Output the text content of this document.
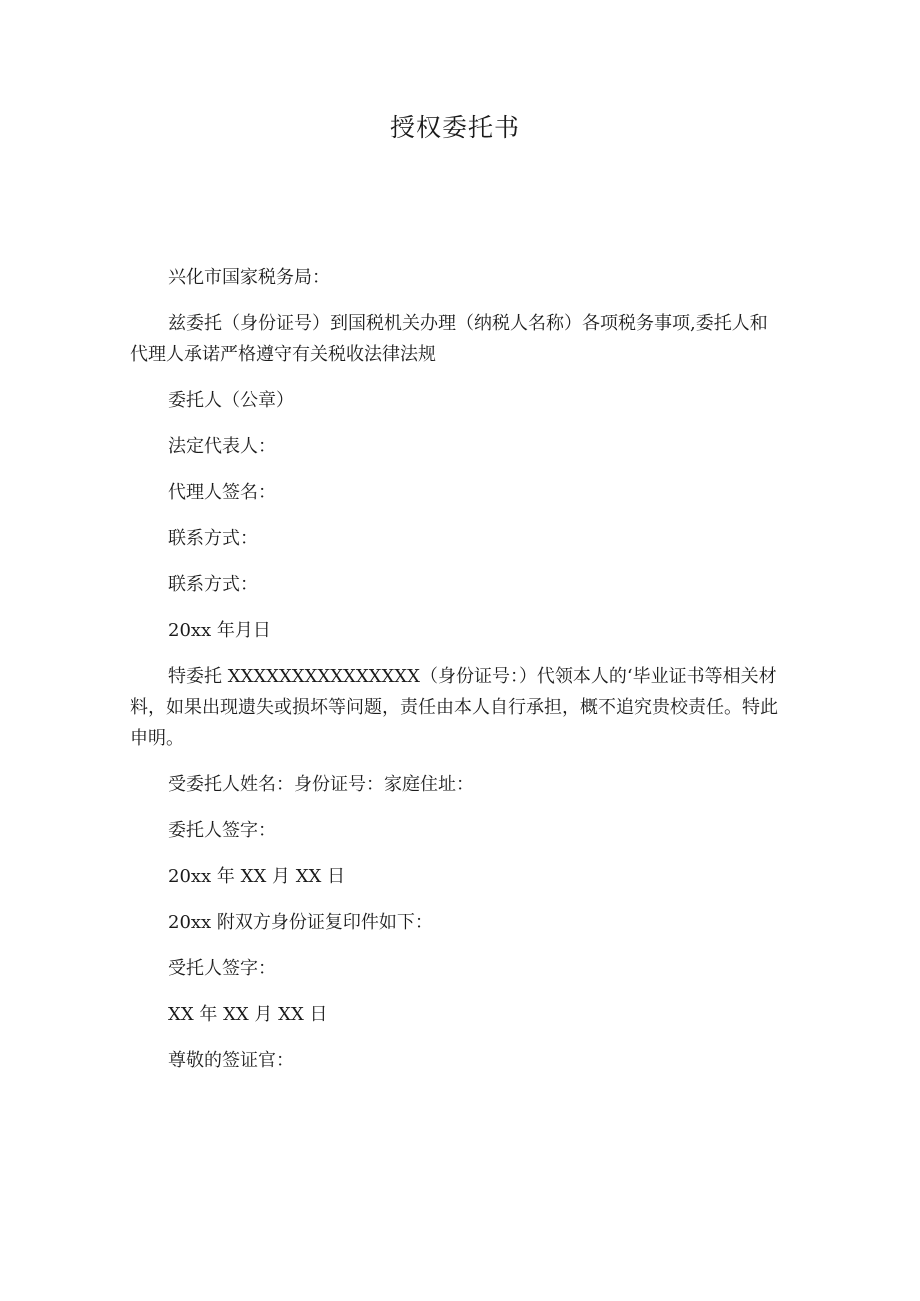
授权委托书

兴化市国家税务局：

兹委托（身份证号）到国税机关办理（纳税人名称）各项税务事项,委托人和代理人承诺严格遵守有关税收法律法规

委托人（公章）

法定代表人：

代理人签名：

联系方式：

联系方式：

20xx 年月日

特委托 XXXXXXXXXXXXXXX（身份证号：）代领本人的‘毕业证书等相关材料，如果出现遗失或损坏等问题，责任由本人自行承担，概不追究贵校责任。特此申明。

受委托人姓名：身份证号：家庭住址：

委托人签字：

20xx 年 XX 月 XX 日

20xx 附双方身份证复印件如下：

受托人签字：

XX 年 XX 月 XX 日

尊敬的签证官：
